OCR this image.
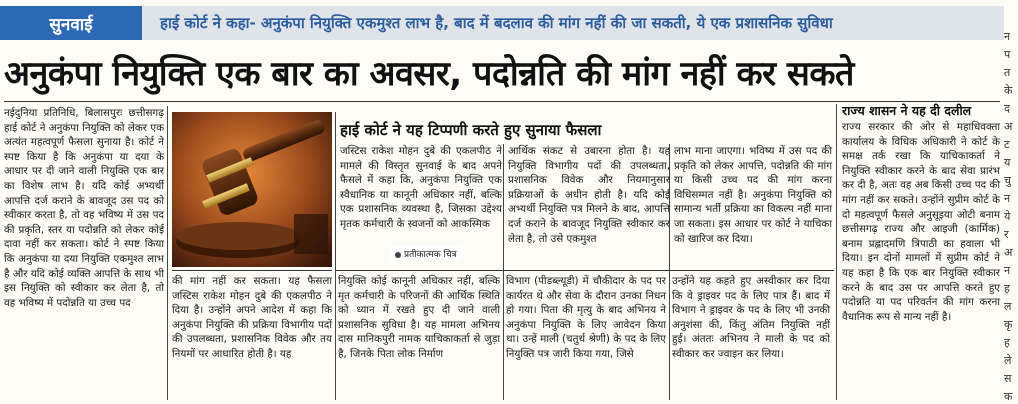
सुनवाई	हाई कोर्ट ने कहा- अनुकंपा नियुक्ति एकमुश्त लाभ है, बाद में बदलाव की मांग नहीं की जा सकती, ये एक प्रशासनिक सुविधा
अनुकंपा नियुक्ति एक बार का अवसर, पदोन्नति की मांग नहीं कर सकते
नईदुनिया प्रतिनिधि, बिलासपुरः छत्तीसगढ़ हाई कोर्ट ने अनुकंपा नियुक्ति को लेकर एक अत्यंत महत्वपूर्ण फैसला सुनाया है। कोर्ट ने स्पष्ट किया है कि अनुकंपा या दया के आधार पर दी जाने वाली नियुक्ति एक बार का विशेष लाभ है। यदि कोई अभ्यर्थी आपत्ति दर्ज कराने के बावजूद उस पद को स्वीकार करता है, तो वह भविष्य में उस पद की प्रकृति, स्तर या पदोन्नति को लेकर कोई दावा नहीं कर सकता। कोर्ट ने स्पष्ट किया कि अनुकंपा या दया नियुक्ति एकमुश्त लाभ है और यदि कोई व्यक्ति आपत्ति के साथ भी इस नियुक्ति को स्वीकार कर लेता है, तो वह भविष्य में पदोन्नति या उच्च पद
प्रतीकात्मक चित्र
हाई कोर्ट ने यह टिप्पणी करते हुए सुनाया फैसला
जस्टिस राकेश मोहन दुबे की एकलपीठ ने मामले की विस्तृत सुनवाई के बाद अपने फैसले में कहा कि, अनुकंपा नियुक्ति एक स्वैधानिक या कानूनी अधिकार नहीं, बल्कि एक प्रशासनिक व्यवस्था है, जिसका उद्देश्य मृतक कर्मचारी के स्वजनों को आकस्मिक
आर्थिक संकट से उबारना होता है। यह नियुक्ति विभागीय पदों की उपलब्धता, प्रशासनिक विवेक और नियमानुसार प्रक्रियाओं के अधीन होती है। यदि कोई अभ्यर्थी नियुक्ति पत्र मिलने के बाद, आपत्ति दर्ज कराने के बावजूद नियुक्ति स्वीकार कर लेता है, तो उसे एकमुश्त
लाभ माना जाएगा। भविष्य में उस पद की प्रकृति को लेकर आपत्ति, पदोन्नति की मांग या किसी उच्च पद की मांग करना विधिसम्मत नहीं है। अनुकंपा नियुक्ति को सामान्य भर्ती प्रक्रिया का विकल्प नहीं माना जा सकता। इस आधार पर कोर्ट ने याचिका को खारिज कर दिया।
की मांग नहीं कर सकता। यह फैसला जस्टिस राकेश मोहन दुबे की एकलपीठ ने दिया है। उन्होंने अपने आदेश में कहा कि अनुकंपा नियुक्ति की प्रक्रिया विभागीय पदों की उपलब्धता, प्रशासनिक विवेक और तय नियमों पर आधारित होती है। यह
नियुक्ति कोई कानूनी अधिकार नहीं, बल्कि मृत कर्मचारी के परिजनों की आर्थिक स्थिति को ध्यान में रखते हुए दी जाने वाली प्रशासनिक सुविधा है। यह मामला अभिनय दास मानिकपुरी नामक याचिकाकर्ता से जुड़ा है, जिनके पिता लोक निर्माण
विभाग (पीडब्ल्यूडी) में चौकीदार के पद पर कार्यरत थे और सेवा के दौरान उनका निधन हो गया। पिता की मृत्यु के बाद अभिनय ने अनुकंपा नियुक्ति के लिए आवेदन किया था। उन्हें माली (चतुर्थ श्रेणी) के पद के लिए नियुक्ति पत्र जारी किया गया, जिसे
उन्होंने यह कहते हुए अस्वीकार कर दिया कि वे ड्राइवर पद के लिए पात्र हैं। बाद में विभाग ने ड्राइवर के पद के लिए भी उनकी अनुशंसा की, किंतु अंतिम नियुक्ति नहीं हुई। अंततः अभिनय ने माली के पद को स्वीकार कर ज्वाइन कर लिया।
राज्य शासन ने यह दी दलील
राज्य सरकार की ओर से महाधिवक्ता कार्यालय के विधिक अधिकारी ने कोर्ट के समक्ष तर्क रखा कि याचिकाकर्ता ने नियुक्ति स्वीकार करने के बाद सेवा प्रारंभ कर दी है, अतः वह अब किसी उच्च पद की मांग नहीं कर सकते। उन्होंने सुप्रीम कोर्ट के दो महत्वपूर्ण फैसले अनुसूइया ओटी बनाम छत्तीसगढ़ राज्य और आइजी (कार्मिक) बनाम प्रह्लादमणि त्रिपाठी का हवाला भी दिया। इन दोनों मामलों में सुप्रीम कोर्ट ने यह कहा है कि एक बार नियुक्ति स्वीकार करने के बाद उस पर आपत्ति करते हुए पदोन्नति या पद परिवर्तन की मांग करना वैधानिक रूप से मान्य नहीं है।
न
प
त
के
द
अ
ट
य
चु
न
ये
र
अ
न
ह
ल
कृ
ह
ले
स
क
